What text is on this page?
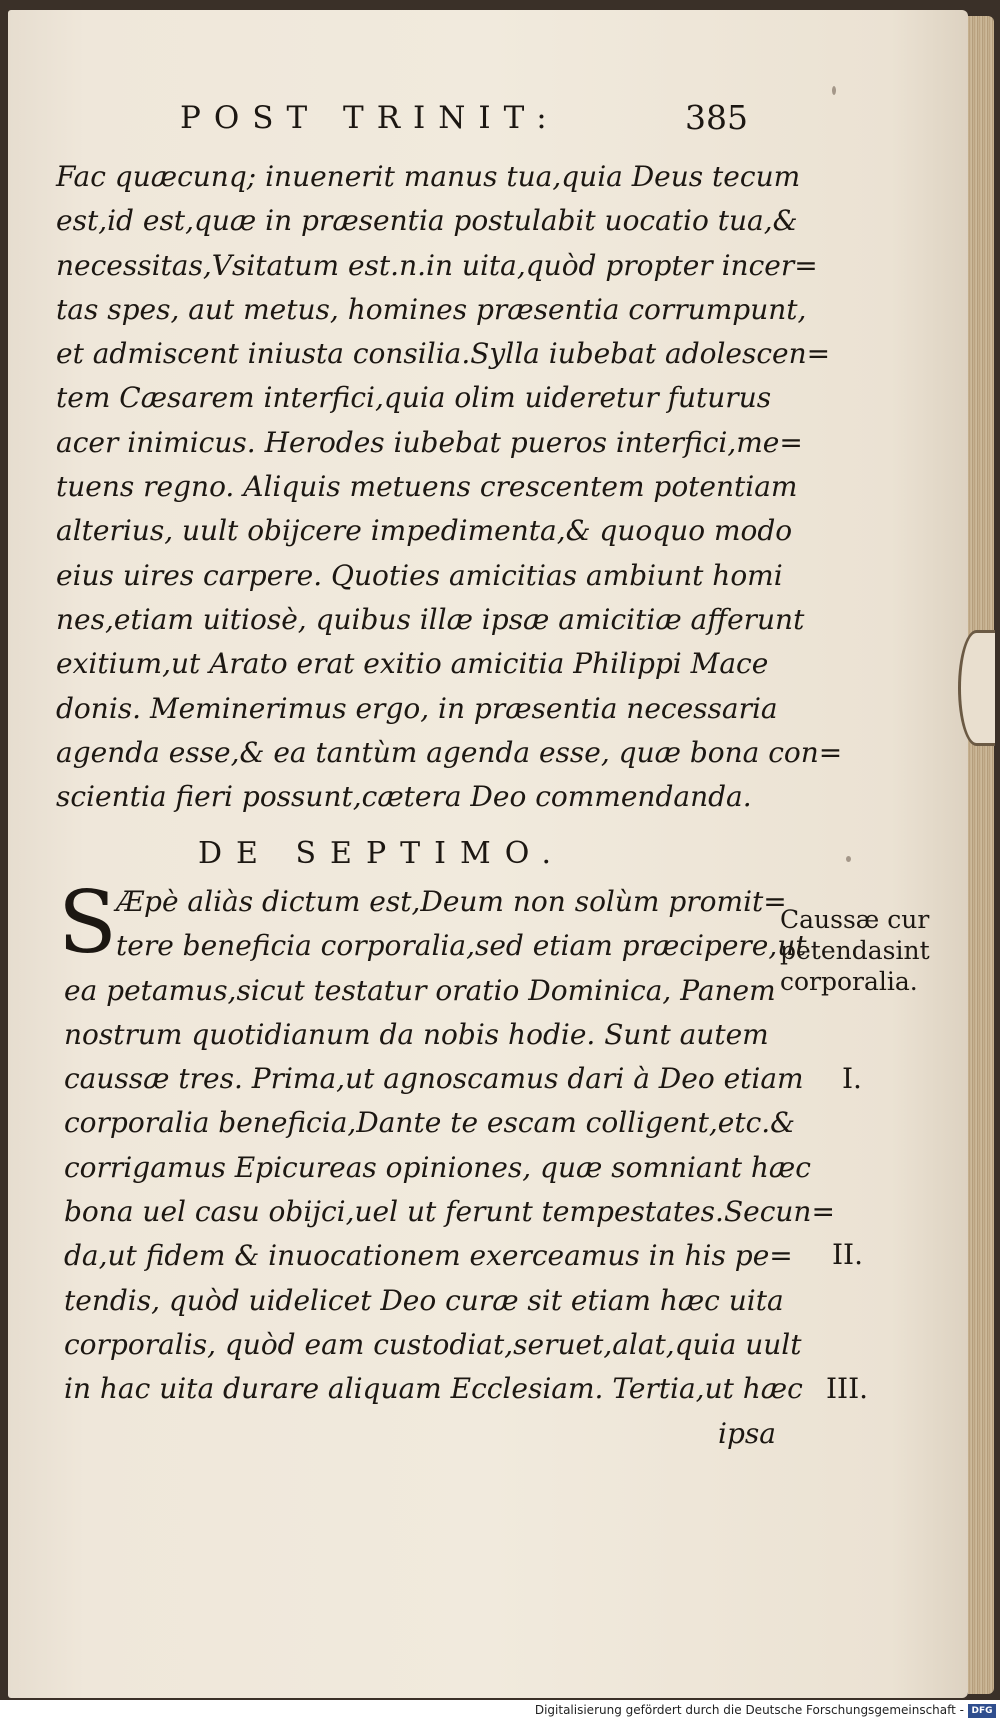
POST TRINIT:	385
Fac quæcunq; inuenerit manus tua,quia Deus tecum
est,id est,quæ in præsentia postulabit uocatio tua,&
necessitas,Vsitatum est.n.in uita,quòd propter incer=
tas spes, aut metus, homines præsentia corrumpunt,
et admiscent iniusta consilia.Sylla iubebat adolescen=
tem Cæsarem interfici,quia olim uideretur futurus
acer inimicus. Herodes iubebat pueros interfici,me=
tuens regno. Aliquis metuens crescentem potentiam
alterius, uult obijcere impedimenta,& quoquo modo
eius uires carpere. Quoties amicitias ambiunt homi
nes,etiam uitiosè, quibus illæ ipsæ amicitiæ afferunt
exitium,ut Arato erat exitio amicitia Philippi Mace
donis. Meminerimus ergo, in præsentia necessaria
agenda esse,& ea tantùm agenda esse, quæ bona con=
scientia fieri possunt,cætera Deo commendanda.
DE SEPTIMO.
S Æpè aliàs dictum est,Deum non solùm promit=
tere beneficia corporalia,sed etiam præcipere,ut
ea petamus,sicut testatur oratio Dominica, Panem
nostrum quotidianum da nobis hodie. Sunt autem
caussæ tres. Prima,ut agnoscamus dari à Deo etiam
corporalia beneficia,Dante te escam colligent,etc.&
corrigamus Epicureas opiniones, quæ somniant hæc
bona uel casu obijci,uel ut ferunt tempestates.Secun=
da,ut fidem & inuocationem exerceamus in his pe=
tendis, quòd uidelicet Deo curæ sit etiam hæc uita
corporalis, quòd eam custodiat,seruet,alat,quia uult
in hac uita durare aliquam Ecclesiam. Tertia,ut hæc
ipsa
Caussæ cur
petendasint
corporalia.
I.
II.
III.
Digitalisierung gefördert durch die Deutsche Forschungsgemeinschaft - DFG
